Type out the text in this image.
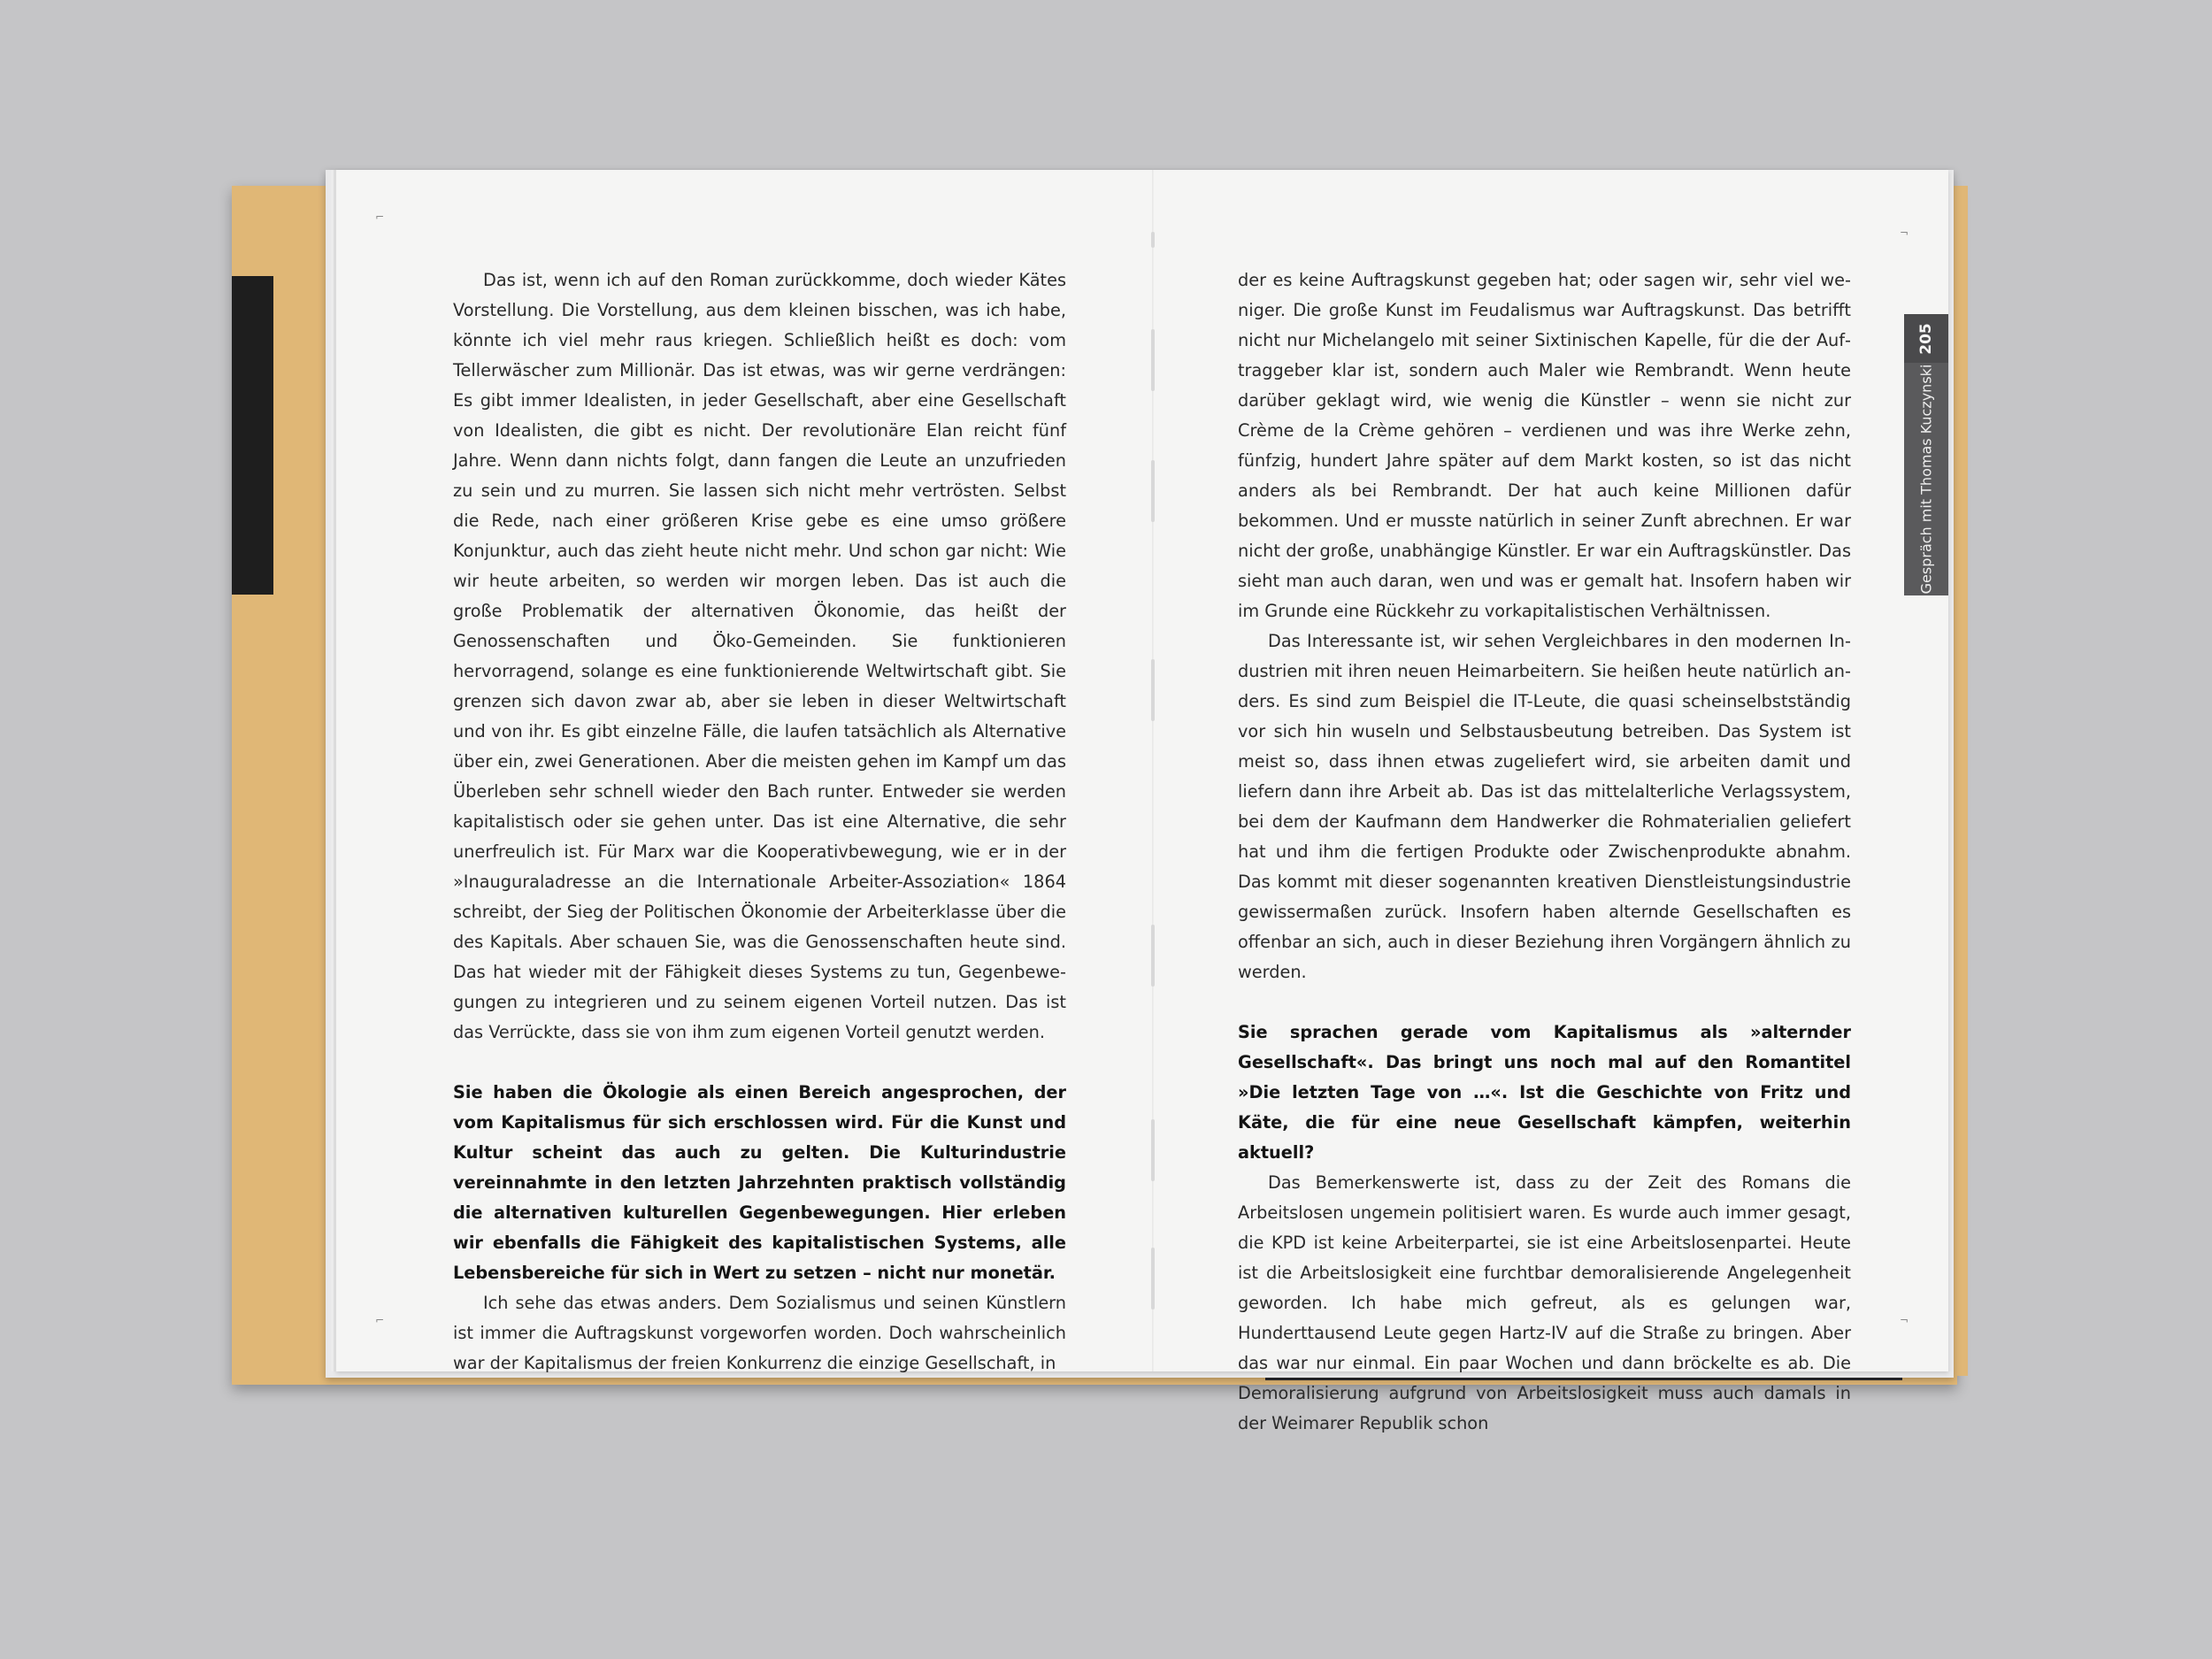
⌐
¬
⌐	¬

Das ist, wenn ich auf den Roman zurückkomme, doch wieder Kätes Vorstellung. Die Vorstellung, aus dem kleinen bisschen, was ich habe, könnte ich viel mehr raus kriegen. Schließlich heißt es doch: vom Tellerwäscher zum Millionär. Das ist etwas, was wir gerne verdrängen: Es gibt immer Idealisten, in jeder Gesellschaft, aber eine Gesellschaft von Idealisten, die gibt es nicht. Der revolutionäre Elan reicht fünf Jahre. Wenn dann nichts folgt, dann fangen die Leute an unzufrieden zu sein und zu murren. Sie lassen sich nicht mehr vertrösten. Selbst die Rede, nach einer größeren Krise gebe es eine umso größere Konjunktur, auch das zieht heute nicht mehr. Und schon gar nicht: Wie wir heute arbeiten, so werden wir morgen leben. Das ist auch die große Problematik der alternativen Ökonomie, das heißt der Genossenschaften und Öko-Gemeinden. Sie funktionieren hervorragend, solange es eine funktionierende Weltwirtschaft gibt. Sie grenzen sich davon zwar ab, aber sie leben in dieser Weltwirtschaft und von ihr. Es gibt einzelne Fälle, die laufen tatsächlich als Alternative über ein, zwei Generationen. Aber die meisten gehen im Kampf um das Überleben sehr schnell wieder den Bach runter. Entweder sie werden kapitalistisch oder sie gehen unter. Das ist eine Alternative, die sehr unerfreulich ist. Für Marx war die Kooperativbewegung, wie er in der »Inauguraladresse an die Internationale Arbeiter-Assoziation« 1864 schreibt, der Sieg der Politischen Ökonomie der Arbeiterklasse über die des Kapitals. Aber schauen Sie, was die Genossenschaften heute sind. Das hat wieder mit der Fähigkeit dieses Systems zu tun, Gegenbewegungen zu integrieren und zu seinem eigenen Vorteil nutzen. Das ist das Verrückte, dass sie von ihm zum eigenen Vorteil genutzt werden.

Sie haben die Ökologie als einen Bereich angesprochen, der vom Kapitalismus für sich erschlossen wird. Für die Kunst und Kultur scheint das auch zu gelten. Die Kulturindustrie vereinnahmte in den letzten Jahrzehnten praktisch vollständig die alternativen kulturellen Gegenbewegungen. Hier erleben wir ebenfalls die Fähigkeit des kapitalistischen Systems, alle Lebensbereiche für sich in Wert zu setzen – nicht nur monetär.

Ich sehe das etwas anders. Dem Sozialismus und seinen Künstlern ist immer die Auftragskunst vorgeworfen worden. Doch wahrscheinlich war der Kapitalismus der freien Konkurrenz die einzige Gesellschaft, in

der es keine Auftragskunst gegeben hat; oder sagen wir, sehr viel weniger. Die große Kunst im Feudalismus war Auftragskunst. Das betrifft nicht nur Michelangelo mit seiner Sixtinischen Kapelle, für die der Auftraggeber klar ist, sondern auch Maler wie Rembrandt. Wenn heute darüber geklagt wird, wie wenig die Künstler – wenn sie nicht zur Crème de la Crème gehören – verdienen und was ihre Werke zehn, fünfzig, hundert Jahre später auf dem Markt kosten, so ist das nicht anders als bei Rembrandt. Der hat auch keine Millionen dafür bekommen. Und er musste natürlich in seiner Zunft abrechnen. Er war nicht der große, unabhängige Künstler. Er war ein Auftragskünstler. Das sieht man auch daran, wen und was er gemalt hat. Insofern haben wir im Grunde eine Rückkehr zu vorkapitalistischen Verhältnissen.

Das Interessante ist, wir sehen Vergleichbares in den modernen Industrien mit ihren neuen Heimarbeitern. Sie heißen heute natürlich anders. Es sind zum Beispiel die IT-Leute, die quasi scheinselbstständig vor sich hin wuseln und Selbstausbeutung betreiben. Das System ist meist so, dass ihnen etwas zugeliefert wird, sie arbeiten damit und liefern dann ihre Arbeit ab. Das ist das mittelalterliche Verlagssystem, bei dem der Kaufmann dem Handwerker die Rohmaterialien geliefert hat und ihm die fertigen Produkte oder Zwischenprodukte abnahm. Das kommt mit dieser sogenannten kreativen Dienstleistungsindustrie gewissermaßen zurück. Insofern haben alternde Gesellschaften es offenbar an sich, auch in dieser Beziehung ihren Vorgängern ähnlich zu werden.

Sie sprachen gerade vom Kapitalismus als »alternder Gesellschaft«. Das bringt uns noch mal auf den Romantitel »Die letzten Tage von …«. Ist die Geschichte von Fritz und Käte, die für eine neue Gesellschaft kämpfen, weiterhin aktuell?

Das Bemerkenswerte ist, dass zu der Zeit des Romans die Arbeitslosen ungemein politisiert waren. Es wurde auch immer gesagt, die KPD ist keine Arbeiterpartei, sie ist eine Arbeitslosenpartei. Heute ist die Arbeitslosigkeit eine furchtbar demoralisierende Angelegenheit geworden. Ich habe mich gefreut, als es gelungen war, Hunderttausend Leute gegen Hartz-IV auf die Straße zu bringen. Aber das war nur einmal. Ein paar Wochen und dann bröckelte es ab. Die Demoralisierung aufgrund von Arbeitslosigkeit muss auch damals in der Weimarer Republik schon

205
Gespräch mit Thomas Kuczynski
